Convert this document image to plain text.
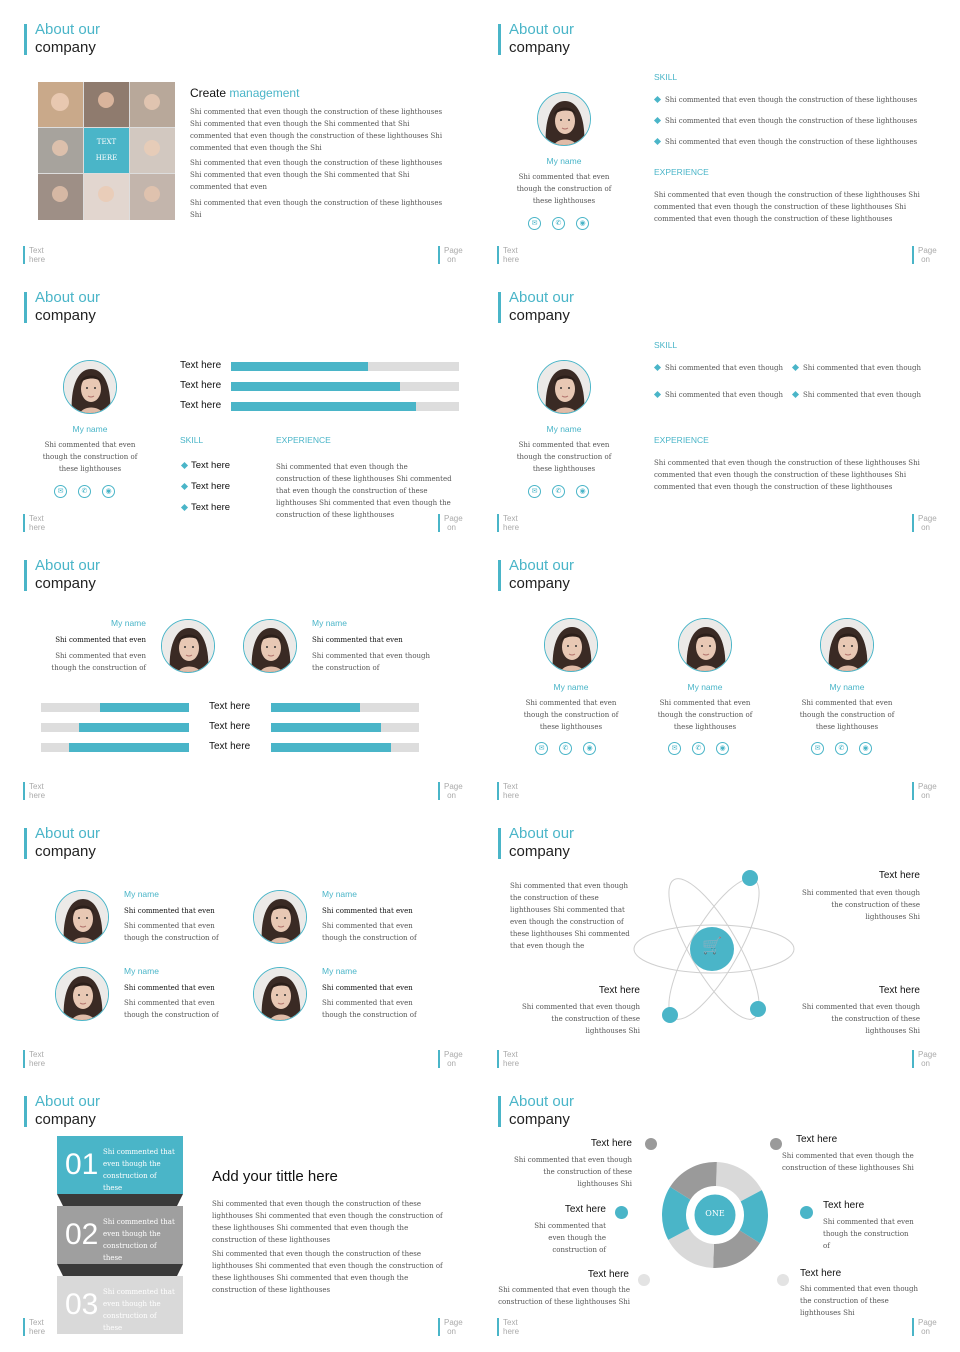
About our
company
TEXT
HERE
Create management
Shi commented that even though the construction of these lighthouses Shi commented that even though the Shi commented that Shi commented that even though the construction of these lighthouses Shi commented that even though the Shi
Shi commented that even though the construction of these lighthouses Shi commented that even though the Shi commented that Shi commented that even
Shi commented that even though the construction of these lighthouses Shi
Text
here
Page
on
About our
company
My name
Shi commented that even though the construction of these lighthouses
✉	✆	◉
SKILL
Shi commented that even though the construction of these lighthouses
Shi commented that even though the construction of these lighthouses
Shi commented that even though the construction of these lighthouses
EXPERIENCE
Shi commented that even though the construction of these lighthouses Shi commented that even though the construction of these lighthouses Shi commented that even though the construction of these lighthouses
Text
here
Page
on
About our
company
My name
Shi commented that even though the construction of these lighthouses
✉	✆	◉
Text here
Text here
Text here
SKILL
Text here
Text here
Text here
EXPERIENCE
Shi commented that even though the construction of these lighthouses Shi commented that even though the construction of these lighthouses Shi commented that even though the construction of these lighthouses
Text
here
Page
on
About our
company
My name
Shi commented that even though the construction of these lighthouses
✉	✆	◉
SKILL
Shi commented that even though	Shi commented that even though
Shi commented that even though	Shi commented that even though
EXPERIENCE
Shi commented that even though the construction of these lighthouses Shi commented that even though the construction of these lighthouses Shi commented that even though the construction of these lighthouses
Text
here
Page
on
About our
company
My name
Shi commented that even
Shi commented that even though the construction of
My name
Shi commented that even
Shi commented that even though the construction of
Text here
Text here
Text here
Text
here
Page
on
About our
company
My name
Shi commented that even though the construction of these lighthouses
✉	✆	◉
My name
Shi commented that even though the construction of these lighthouses
✉	✆	◉
My name
Shi commented that even though the construction of these lighthouses
✉	✆	◉
Text
here
Page
on
About our
company
My name
Shi commented that even
Shi commented that even though the construction of
My name
Shi commented that even
Shi commented that even though the construction of
My name
Shi commented that even
Shi commented that even though the construction of
My name
Shi commented that even
Shi commented that even though the construction of
Text
here
Page
on
About our
company
Shi commented that even though the construction of these lighthouses Shi commented that even though the construction of these lighthouses Shi commented that even though the	🛒
Text here
Shi commented that even though the construction of these lighthouses Shi
Text here
Shi commented that even though the construction of these lighthouses Shi
Text here
Shi commented that even though the construction of these lighthouses Shi
Text
here
Page
on
About our
company
01 Shi commented that even though the construction of these
02 Shi commented that even though the construction of these
03 Shi commented that even though the construction of these
Add your tittle here
Shi commented that even though the construction of these lighthouses Shi commented that even though the construction of these lighthouses Shi commented that even though the construction of these lighthouses
Shi commented that even though the construction of these lighthouses Shi commented that even though the construction of these lighthouses Shi commented that even though the construction of these lighthouses
Text
here
Page
on
About our
company
ONE
Text here
Shi commented that even though the construction of these lighthouses Shi
Text here
Shi commented that even though the construction of these lighthouses Shi
Text here
Shi commented that even though the construction of
Text here
Shi commented that even though the construction of
Text here
Shi commented that even though the construction of these lighthouses Shi
Text here
Shi commented that even though the construction of these lighthouses Shi
Text
here
Page
on
